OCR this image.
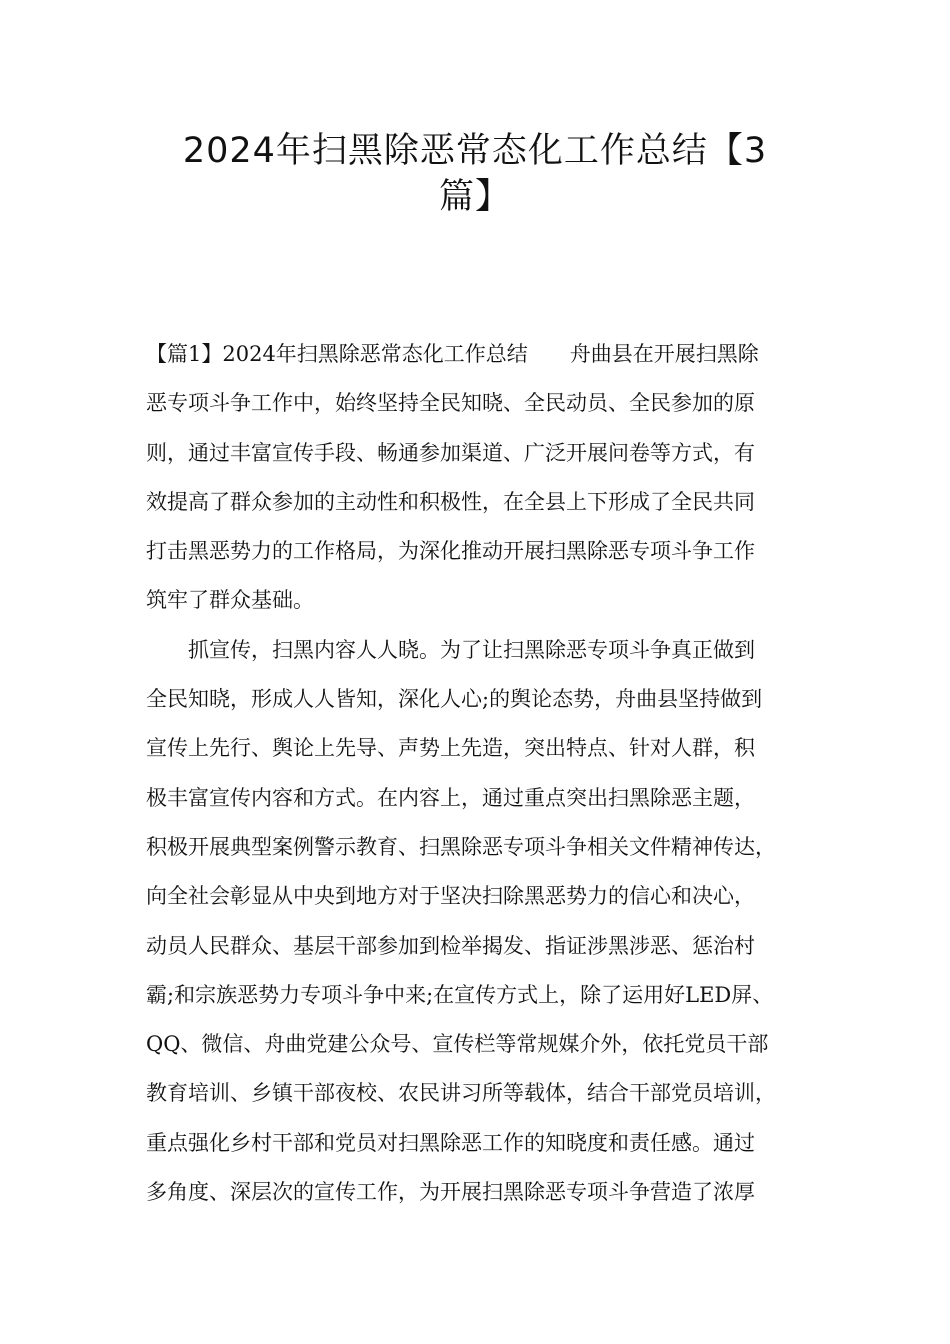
2024年扫黑除恶常态化工作总结【3
篇】
【篇1】2024年扫黑除恶常态化工作总结　　舟曲县在开展扫黑除
恶专项斗争工作中，始终坚持全民知晓、全民动员、全民参加的原
则，通过丰富宣传手段、畅通参加渠道、广泛开展问卷等方式，有
效提高了群众参加的主动性和积极性，在全县上下形成了全民共同
打击黑恶势力的工作格局，为深化推动开展扫黑除恶专项斗争工作
筑牢了群众基础。
　　抓宣传，扫黑内容人人晓。为了让扫黑除恶专项斗争真正做到
全民知晓，形成人人皆知，深化人心;的舆论态势，舟曲县坚持做到
宣传上先行、舆论上先导、声势上先造，突出特点、针对人群，积
极丰富宣传内容和方式。在内容上，通过重点突出扫黑除恶主题，
积极开展典型案例警示教育、扫黑除恶专项斗争相关文件精神传达，
向全社会彰显从中央到地方对于坚决扫除黑恶势力的信心和决心，
动员人民群众、基层干部参加到检举揭发、指证涉黑涉恶、惩治村
霸;和宗族恶势力专项斗争中来;在宣传方式上，除了运用好LED屏、
QQ、微信、舟曲党建公众号、宣传栏等常规媒介外，依托党员干部
教育培训、乡镇干部夜校、农民讲习所等载体，结合干部党员培训，
重点强化乡村干部和党员对扫黑除恶工作的知晓度和责任感。通过
多角度、深层次的宣传工作，为开展扫黑除恶专项斗争营造了浓厚
